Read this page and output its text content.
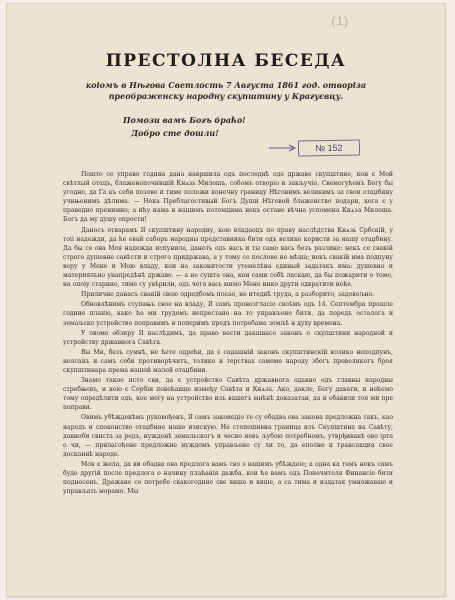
(1)
ПРЕСТОЛНА БЕСЕДА
коіомъ в Нѣгова Светлость 7 Августа 1861 год. отворіза преображенску народну скупштину у Крагуєвцу.
Помози вамъ Богъ браћо!
Добро сте дошли!
№ 152

Пошто се управо година дана навршила одъ последнѣ оде државе скупштине, кон є Мой свѣтлый отацъ, блаженопочившій Кнѧзь Милошъ, собомъ отворіо и закључіо, Свемогућемъ Богу бы угодно, да Га къ себи позове и тиме положи конечну границу Нѣговимъ великимъ за свои отаџбину учињенимъ дѣлима. — Нека Преблагостивый Богъ Души Нѣговой блаженство подари, кога є у праведно пренимно; а ићу нама и нашимъ потомцима некъ остане вѣчна успомена Кнѧза Милоша. Богъ да му душу опрости!

Даносъ отварамъ Я скупштину народну, кою владаоцъ по праву наслѣдства Кнѧзь Србскій, у тоіі надежди, да ће овай саборъ народны представника бити одъ велике користи за нашу отаџбину. Да бы се ова Моя надежда испунила, даноть одъ вась и ты само вась безъ разлике: некъ се свакій строго душевне савѣсти и строго придржава, а у тому се послове не мѣша; некъ свакій има подпуну веру у Мене и Мою владу, кои на законитости утемелѣна єдиный задатакъ има: душевно и материяльно унапредѣнѣ државе. — а не сушта она, кои сами себѣ ласкаю, да бы пожарити о томе, на опоіу старине, тиме су увѣрили, одъ чега вась мимо Мене нико други одвратити неће.

Прилично данасъ свакій свою одредбомъ посао, не итеднѣ труда, а разборито, задовољно.

Обновлѣнимъ ступањъ свое на владу, Я самъ провозгласіо своѣмъ одъ 14. Септембра прошле године планіо, како ће ми трудомъ непрестано на то управљене бити, да поредъ осталога и земаљско устройство поправимъ и поперимъ предъ потребама земљѣ и духу времена.

У овоме обзиру Я наслѣдимъ, да право вести дакшнасе законъ о скупштини народной и устройству државнога Савѣта.

Вы Ми, безъ сумнѣ, не ћете одрећи, да є садашній законъ скупштинскій колико неподпунъ, неясанъ и самъ себи противорѣчитъ, толико и терствах самоме народу збогъ превеликогъ броя скупштинара према нашой малой отаџбини.

Знамо такое исто сви, да є устройство Савѣта државнога одавно одъ главны народны стребњевъ, и кою є Сербіи повећавше између Савѣта и Кнѧза. Ако, дакле, Богу давати, и нећемо тому опредѣлити одъ, кое могу на устройство изъ вашегъ мнѣнѣ доказатаи, да и обавили тоя ми пре поправи.

Овимъ убѣжденѣмъ руковођенъ, Я самъ закоиедіо те су обадва ова закона предложна такъ, као наредъ и споконство отаџбине наше изискую. Не степешивна граница изъ Скупштина на Савѣту, давноби свиста за редъ, нужденѣ земальскогъ и чесно невъ љубою потребномъ, утврђиванѣ ово ірта о чи, — прилагођене предложне нуждомъ управљене су ли то, да еполне и трансакция свое доскаинѣ народе.

Моя є жела, да ви обадва ова предлога вамъ сво з вашимъ убѣждеіе; а одна ка темъ некъ самъ буде другій после предлога о начину плаћанія дажба, кои ће вамъ одъ Понечителя Финансіе бити подносенъ. Дражане се потребе свакогодине све више и више, а са тима и издатак умножаваю и управљать морамо. Мы
